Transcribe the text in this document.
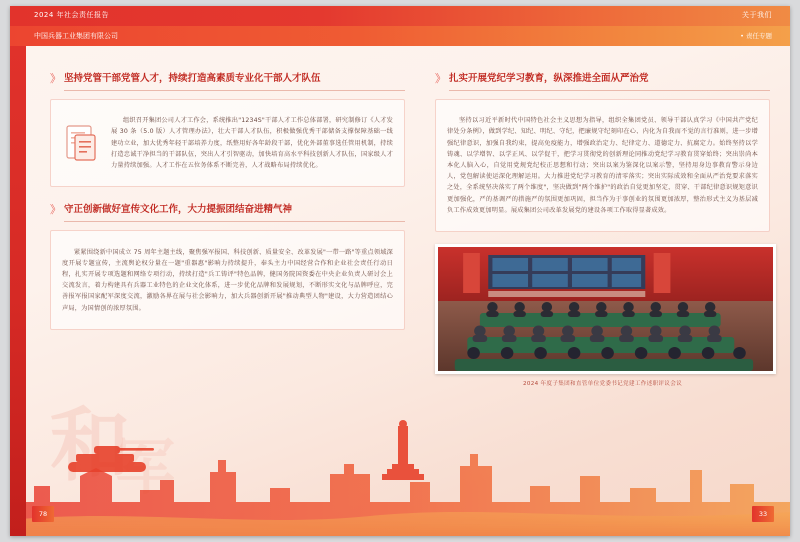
和
军
2024 年社会责任报告	关于我们
中国兵器工业集团有限公司	• 责任专题
》 坚持党管干部党管人才，持续打造高素质专业化干部人才队伍

组织召开集团公司人才工作会，系统推出"1234S"干部人才工作总体部署，研究制修订《人才发展 30 条（5.0 版）人才管理办法》，壮大干部人才队伍，积极做强优秀干部储备支撑保障基础一线建功立业，加大优秀年轻干部培养力度，纸整用好各年龄段干部，优化外部董事选任管用机制，持续打造忠诚干净担当的干部队伍，突出人才引智驱动，加快培育高水平科技创新人才队伍，国家级人才力量持续加强。人才工作在五位务体系不断完善，人才战略布局持续优化。

》 守正创新做好宣传文化工作，大力提振团结奋进精气神

紧紧围绕新中国成立 75 周年主题主线，聚焦强军报国、科技创新、质量安全、改革发展"一带一路"等重点领域深度开展专题宣传，主流舆论权分量在一题"重器惠"影响力持续提升，奉头主力中国经营合作和企业社会责任行动日程，扎实开展专项选题和网络专项行动，持续打造"兵工铸评"特色品牌，健国务院国资委在中央企业负责人研讨会上交流发言，着力构建具有兵器工业特色的企业文化体系，进一步优化品牌和发展规划，不断形实文化与品牌呼应，完善报军报国家配军深度交流，激励各界在展与社会影响力，加大兵器创新开展"推动典型人物"建设，大力营造团结心声局，为国情创的浓厚氛围。

》 扎实开展党纪学习教育，纵深推进全面从严治党

坚持以习近平新时代中国特色社会主义思想为指导，组织全集团党员、领导干部认真学习《中国共产党纪律处分条例》，做到学纪、知纪、明纪、守纪，把廉规守纪刻印在心、内化为自我而不觉的言行准则，进一步增强纪律意识，加强自我约束，提高免疫能力，增强政治定力、纪律定力、道德定力、抗腐定力。始终坚持以学铸魂、以学增智、以学正风、以学促干，把学习贯彻党的创新理论同推动党纪学习教育贯穿始终；突出崇尚本本化人脑入心，自觉用党规党纪校正思想和行动；突出以案为鉴深化以案示警，坚持用身边事教育警示身边人，党包解读使运深化理解运用。大力推进党纪学习教育的清零落实；突出实际成效和全面从严治党要求落实之处，全系统坚决落实了两个维度"，坚决做到"两个维护"的政治自觉更加坚定，贯穿、干部纪律意识规矩意识更加强化，严的基调严的措施严的氛围更加巩固，担当作为于事创业的氛围更加浓厚，整治形式主义为基层减负工作成效更加明显。展成集团公司改革发展党的建设各项工作取得显著成效。

2024 年度子集团和直管单位党委书记党建工作述职评议会议
78	33
